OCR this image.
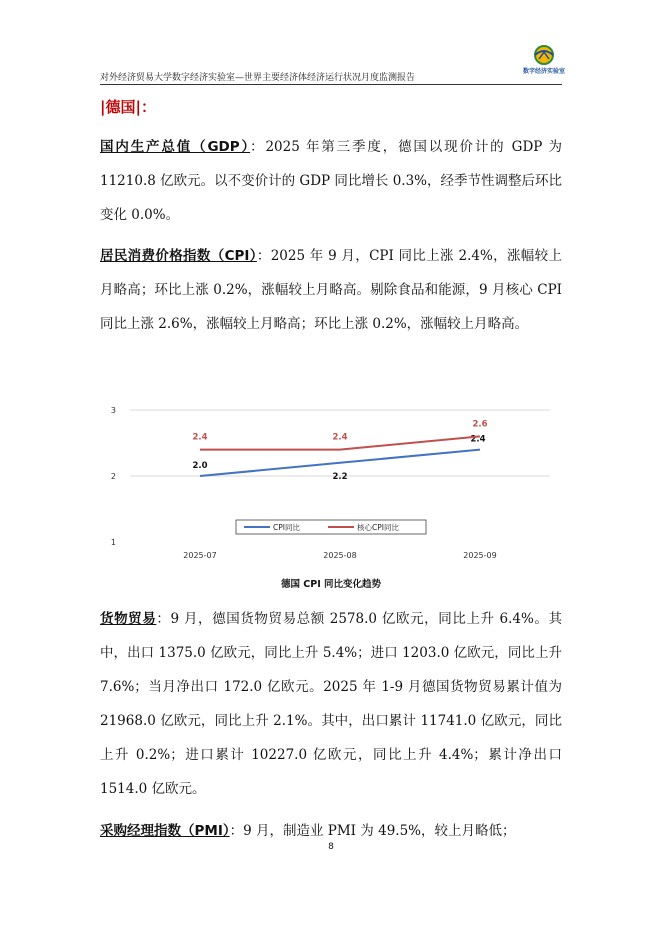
数字经济实验室
对外经济贸易大学数字经济实验室—世界主要经济体经济运行状况月度监测报告
|德国|：
国内生产总值（GDP）：2025 年第三季度，德国以现价计的 GDP 为 11210.8 亿欧元。以不变价计的 GDP 同比增长 0.3%，经季节性调整后环比变化 0.0%。
居民消费价格指数（CPI）：2025 年 9 月，CPI 同比上涨 2.4%，涨幅较上月略高；环比上涨 0.2%，涨幅较上月略高。剔除食品和能源，9 月核心 CPI 同比上涨 2.6%，涨幅较上月略高；环比上涨 0.2%，涨幅较上月略高。
1
2
3
2025-07	2025-08	2025-09
2.0
2.2
2.4
2.4	2.4
2.6
CPI同比	核心CPI同比
德国 CPI 同比变化趋势
货物贸易：9 月，德国货物贸易总额 2578.0 亿欧元，同比上升 6.4%。其中，出口 1375.0 亿欧元，同比上升 5.4%；进口 1203.0 亿欧元，同比上升 7.6%；当月净出口 172.0 亿欧元。2025 年 1-9 月德国货物贸易累计值为 21968.0 亿欧元，同比上升 2.1%。其中，出口累计 11741.0 亿欧元，同比上升 0.2%；进口累计 10227.0 亿欧元，同比上升 4.4%；累计净出口 1514.0 亿欧元。
采购经理指数（PMI）：9 月，制造业 PMI 为 49.5%，较上月略低；
8
